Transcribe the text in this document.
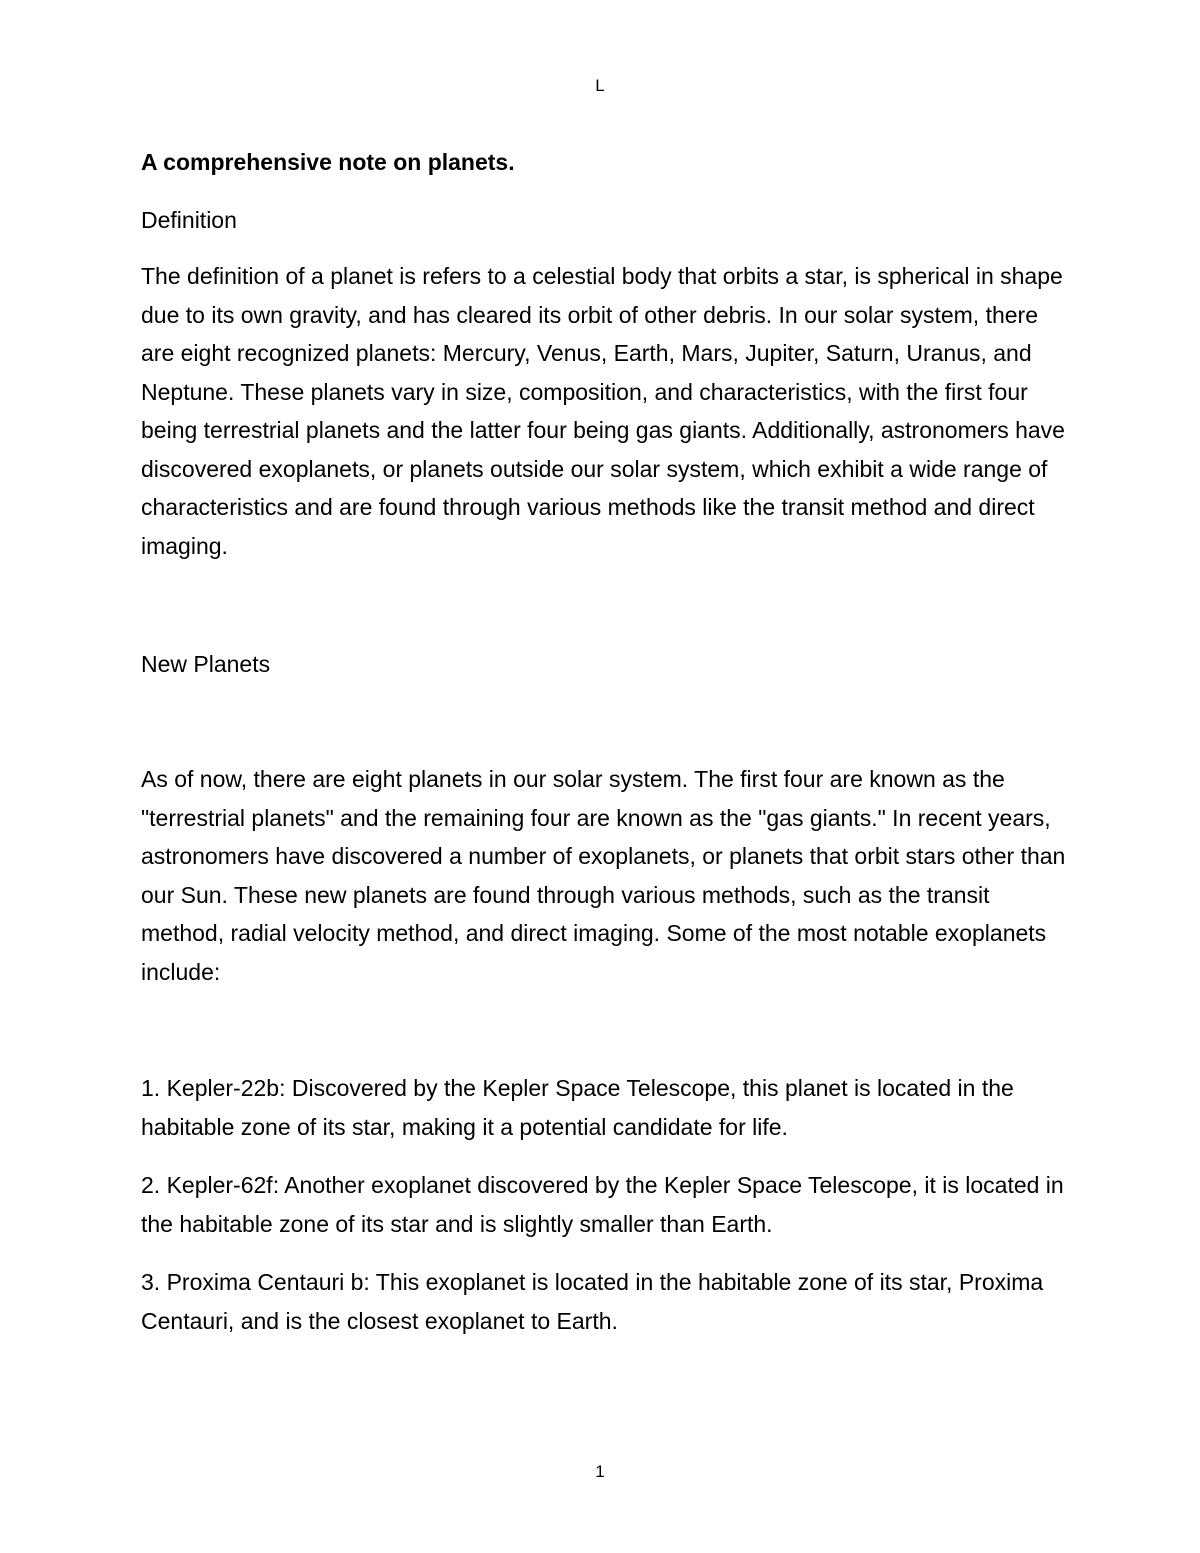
L

A comprehensive note on planets.

Definition

The definition of a planet is refers to a celestial body that orbits a star, is spherical in shape due to its own gravity, and has cleared its orbit of other debris. In our solar system, there are eight recognized planets: Mercury, Venus, Earth, Mars, Jupiter, Saturn, Uranus, and Neptune. These planets vary in size, composition, and characteristics, with the first four being terrestrial planets and the latter four being gas giants. Additionally, astronomers have discovered exoplanets, or planets outside our solar system, which exhibit a wide range of characteristics and are found through various methods like the transit method and direct imaging.

New Planets

As of now, there are eight planets in our solar system. The first four are known as the "terrestrial planets" and the remaining four are known as the "gas giants." In recent years, astronomers have discovered a number of exoplanets, or planets that orbit stars other than our Sun. These new planets are found through various methods, such as the transit method, radial velocity method, and direct imaging. Some of the most notable exoplanets include:

1. Kepler-22b: Discovered by the Kepler Space Telescope, this planet is located in the habitable zone of its star, making it a potential candidate for life.

2. Kepler-62f: Another exoplanet discovered by the Kepler Space Telescope, it is located in the habitable zone of its star and is slightly smaller than Earth.

3. Proxima Centauri b: This exoplanet is located in the habitable zone of its star, Proxima Centauri, and is the closest exoplanet to Earth.

1
